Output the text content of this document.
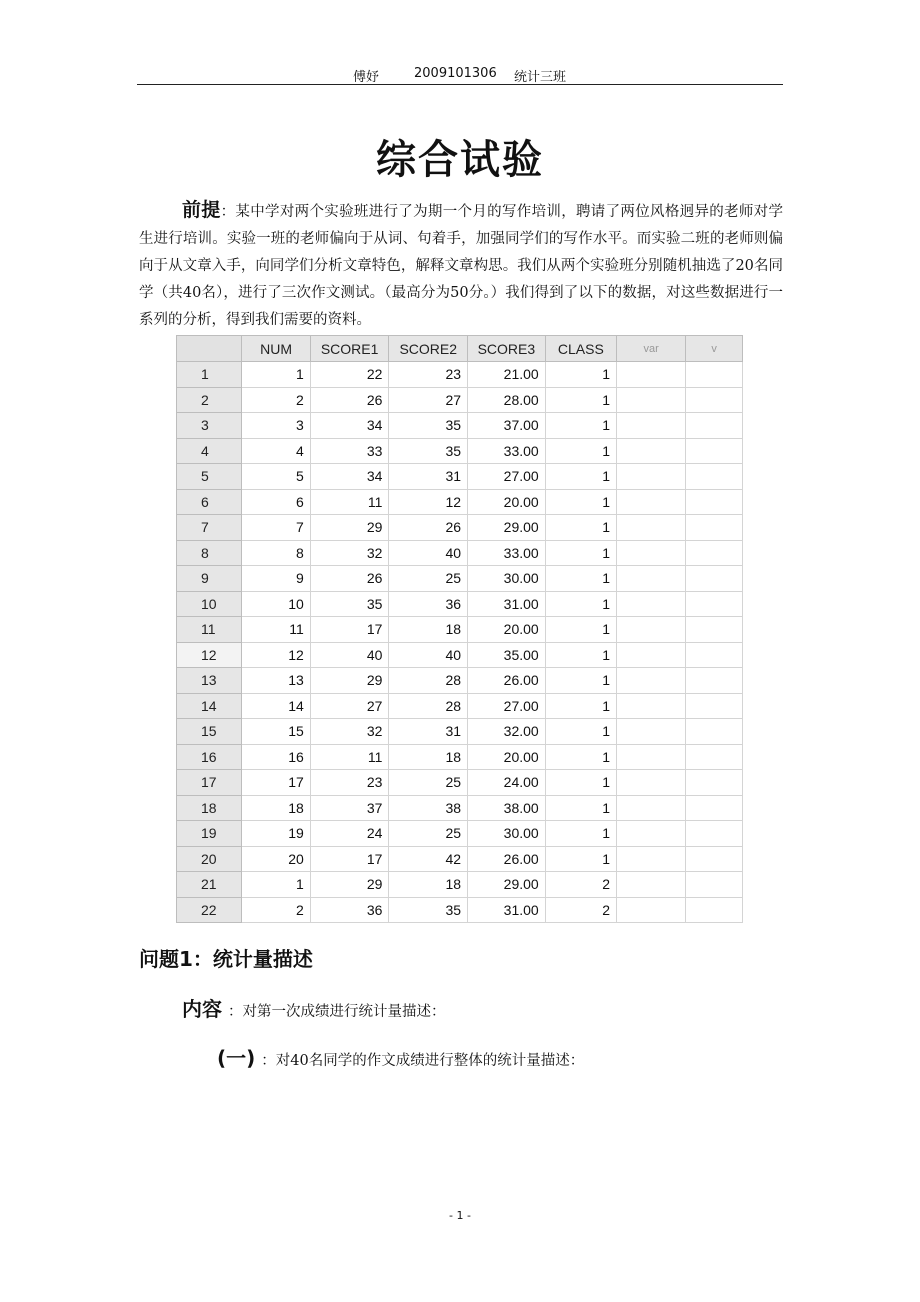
傅妤	2009101306 统计三班
综合试验
前提：某中学对两个实验班进行了为期一个月的写作培训，聘请了两位风格迥异的老师对学生进行培训。实验一班的老师偏向于从词、句着手，加强同学们的写作水平。而实验二班的老师则偏向于从文章入手，向同学们分析文章特色，解释文章构思。我们从两个实验班分别随机抽选了20名同学（共40名），进行了三次作文测试。（最高分为50分。）我们得到了以下的数据，对这些数据进行一系列的分析，得到我们需要的资料。
	NUM	SCORE1	SCORE2	SCORE3	CLASS	var	v
1	1	22	23	21.00	1		
2	2	26	27	28.00	1		
3	3	34	35	37.00	1		
4	4	33	35	33.00	1		
5	5	34	31	27.00	1		
6	6	11	12	20.00	1		
7	7	29	26	29.00	1		
8	8	32	40	33.00	1		
9	9	26	25	30.00	1		
10	10	35	36	31.00	1		
11	11	17	18	20.00	1		
12	12	40	40	35.00	1		
13	13	29	28	26.00	1		
14	14	27	28	27.00	1		
15	15	32	31	32.00	1		
16	16	11	18	20.00	1		
17	17	23	25	24.00	1		
18	18	37	38	38.00	1		
19	19	24	25	30.00	1		
20	20	17	42	26.00	1		
21	1	29	18	29.00	2		
22	2	36	35	31.00	2		
问题1：统计量描述
内容 ：对第一次成绩进行统计量描述：
(一) ：对40名同学的作文成绩进行整体的统计量描述：
- 1 -
